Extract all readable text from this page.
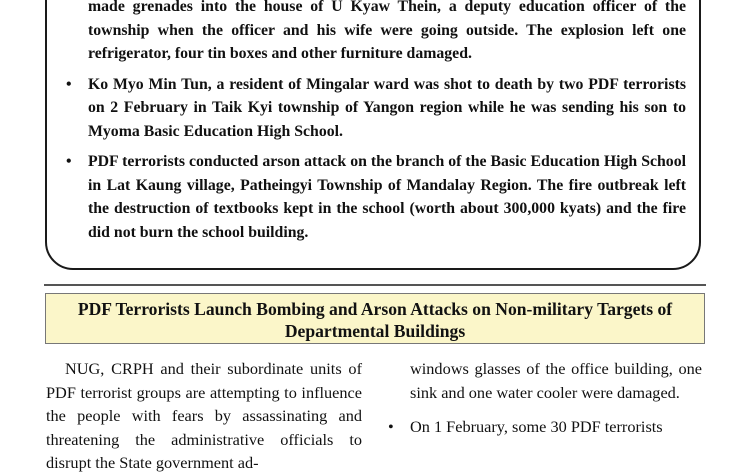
made grenades into the house of U Kyaw Thein, a deputy education officer of the township when the officer and his wife were going outside. The explosion left one refrigerator, four tin boxes and other furniture damaged.
• Ko Myo Min Tun, a resident of Mingalar ward was shot to death by two PDF terrorists on 2 February in Taik Kyi township of Yangon region while he was sending his son to Myoma Basic Education High School.
• PDF terrorists conducted arson attack on the branch of the Basic Education High School in Lat Kaung village, Patheingyi Township of Mandalay Region. The fire outbreak left the destruction of textbooks kept in the school (worth about 300,000 kyats) and the fire did not burn the school building.
PDF Terrorists Launch Bombing and Arson Attacks on Non-military Targets of
Departmental Buildings

NUG, CRPH and their subordinate units of PDF terrorist groups are attempting to influence the people with fears by assassinating and threatening the administrative officials to disrupt the State government ad-

windows glasses of the office building, one sink and one water cooler were damaged.
• On 1 February, some 30 PDF terrorists
